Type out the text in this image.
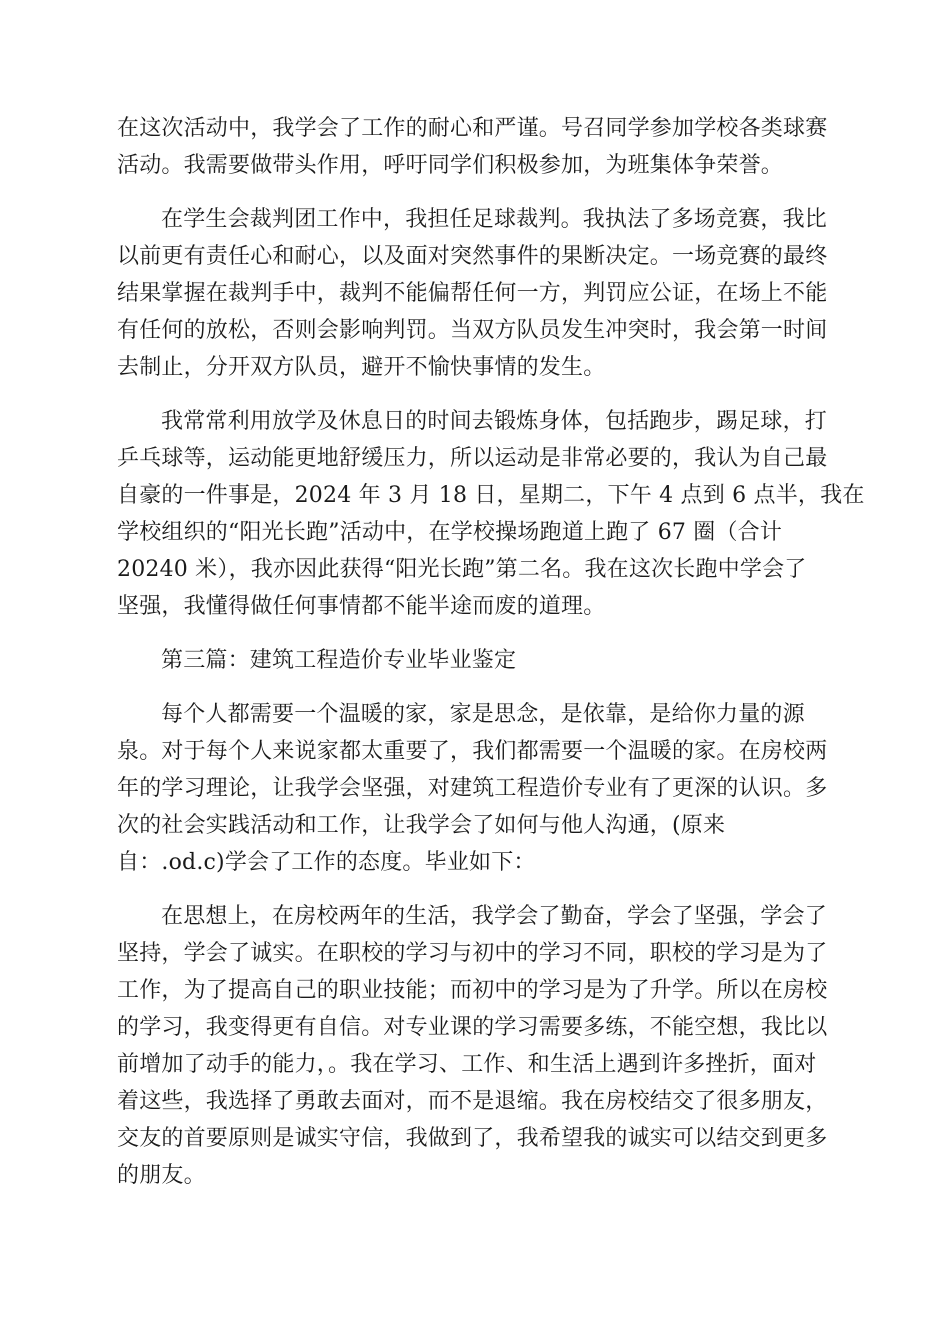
在这次活动中，我学会了工作的耐心和严谨。号召同学参加学校各类球赛
活动。我需要做带头作用，呼吁同学们积极参加，为班集体争荣誉。
在学生会裁判团工作中，我担任足球裁判。我执法了多场竞赛，我比
以前更有责任心和耐心，以及面对突然事件的果断决定。一场竞赛的最终
结果掌握在裁判手中，裁判不能偏帮任何一方，判罚应公证，在场上不能
有任何的放松，否则会影响判罚。当双方队员发生冲突时，我会第一时间
去制止，分开双方队员，避开不愉快事情的发生。
我常常利用放学及休息日的时间去锻炼身体，包括跑步，踢足球，打
乒乓球等，运动能更地舒缓压力，所以运动是非常必要的，我认为自己最
自豪的一件事是，2024 年 3 月 18 日，星期二，下午 4 点到 6 点半，我在
学校组织的“阳光长跑”活动中，在学校操场跑道上跑了 67 圈（合计
20240 米），我亦因此获得“阳光长跑”第二名。我在这次长跑中学会了
坚强，我懂得做任何事情都不能半途而废的道理。
第三篇：建筑工程造价专业毕业鉴定
每个人都需要一个温暖的家，家是思念，是依靠，是给你力量的源
泉。对于每个人来说家都太重要了，我们都需要一个温暖的家。在房校两
年的学习理论，让我学会坚强，对建筑工程造价专业有了更深的认识。多
次的社会实践活动和工作，让我学会了如何与他人沟通，(原来
自：.od.c)学会了工作的态度。毕业如下：
在思想上，在房校两年的生活，我学会了勤奋，学会了坚强，学会了
坚持，学会了诚实。在职校的学习与初中的学习不同，职校的学习是为了
工作，为了提高自己的职业技能；而初中的学习是为了升学。所以在房校
的学习，我变得更有自信。对专业课的学习需要多练，不能空想，我比以
前增加了动手的能力，。我在学习、工作、和生活上遇到许多挫折，面对
着这些，我选择了勇敢去面对，而不是退缩。我在房校结交了很多朋友，
交友的首要原则是诚实守信，我做到了，我希望我的诚实可以结交到更多
的朋友。
